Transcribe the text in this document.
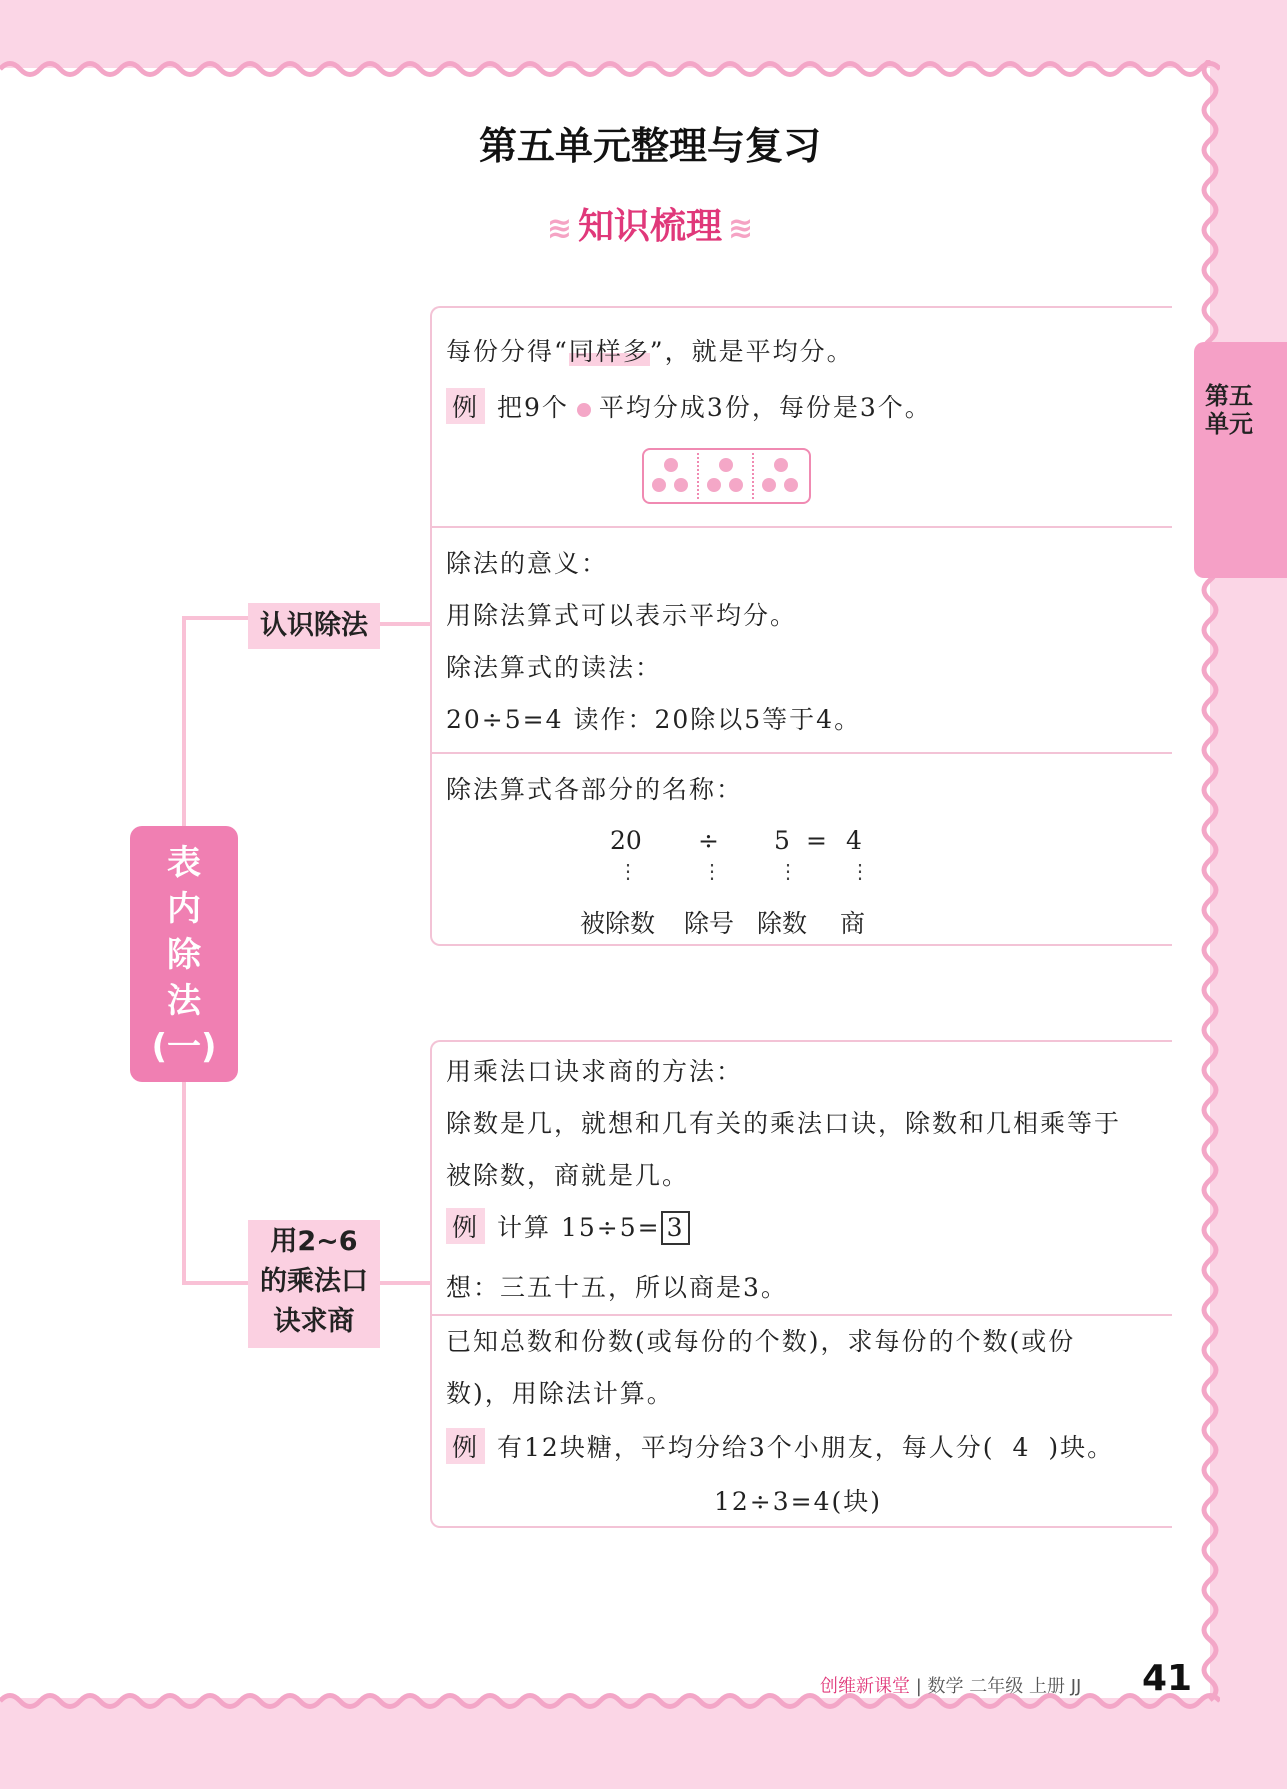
第五单元整理与复习
≋ 知识梳理 ≋
第五单元
表
内
除
法
(一)
认识除法
用2~6
的乘法口
诀求商
每份分得“同样多”，就是平均分。
例 把9个 平均分成3份，每份是3个。
除法的意义：
用除法算式可以表示平均分。
除法算式的读法：
20÷5=4 读作：20除以5等于4。
除法算式各部分的名称：
20 ÷ 5 = 4
⋮	⋮	⋮	⋮
被除数 除号 除数 商
用乘法口诀求商的方法：
除数是几，就想和几有关的乘法口诀，除数和几相乘等于
被除数，商就是几。
例 计算 15÷5= 3
想：三五十五，所以商是3。
已知总数和份数(或每份的个数)，求每份的个数(或份
数)，用除法计算。
例 有12块糖，平均分给3个小朋友，每人分( 4 )块。
12÷3=4(块)
创维新课堂 | 数学 二年级 上册 JJ 41
